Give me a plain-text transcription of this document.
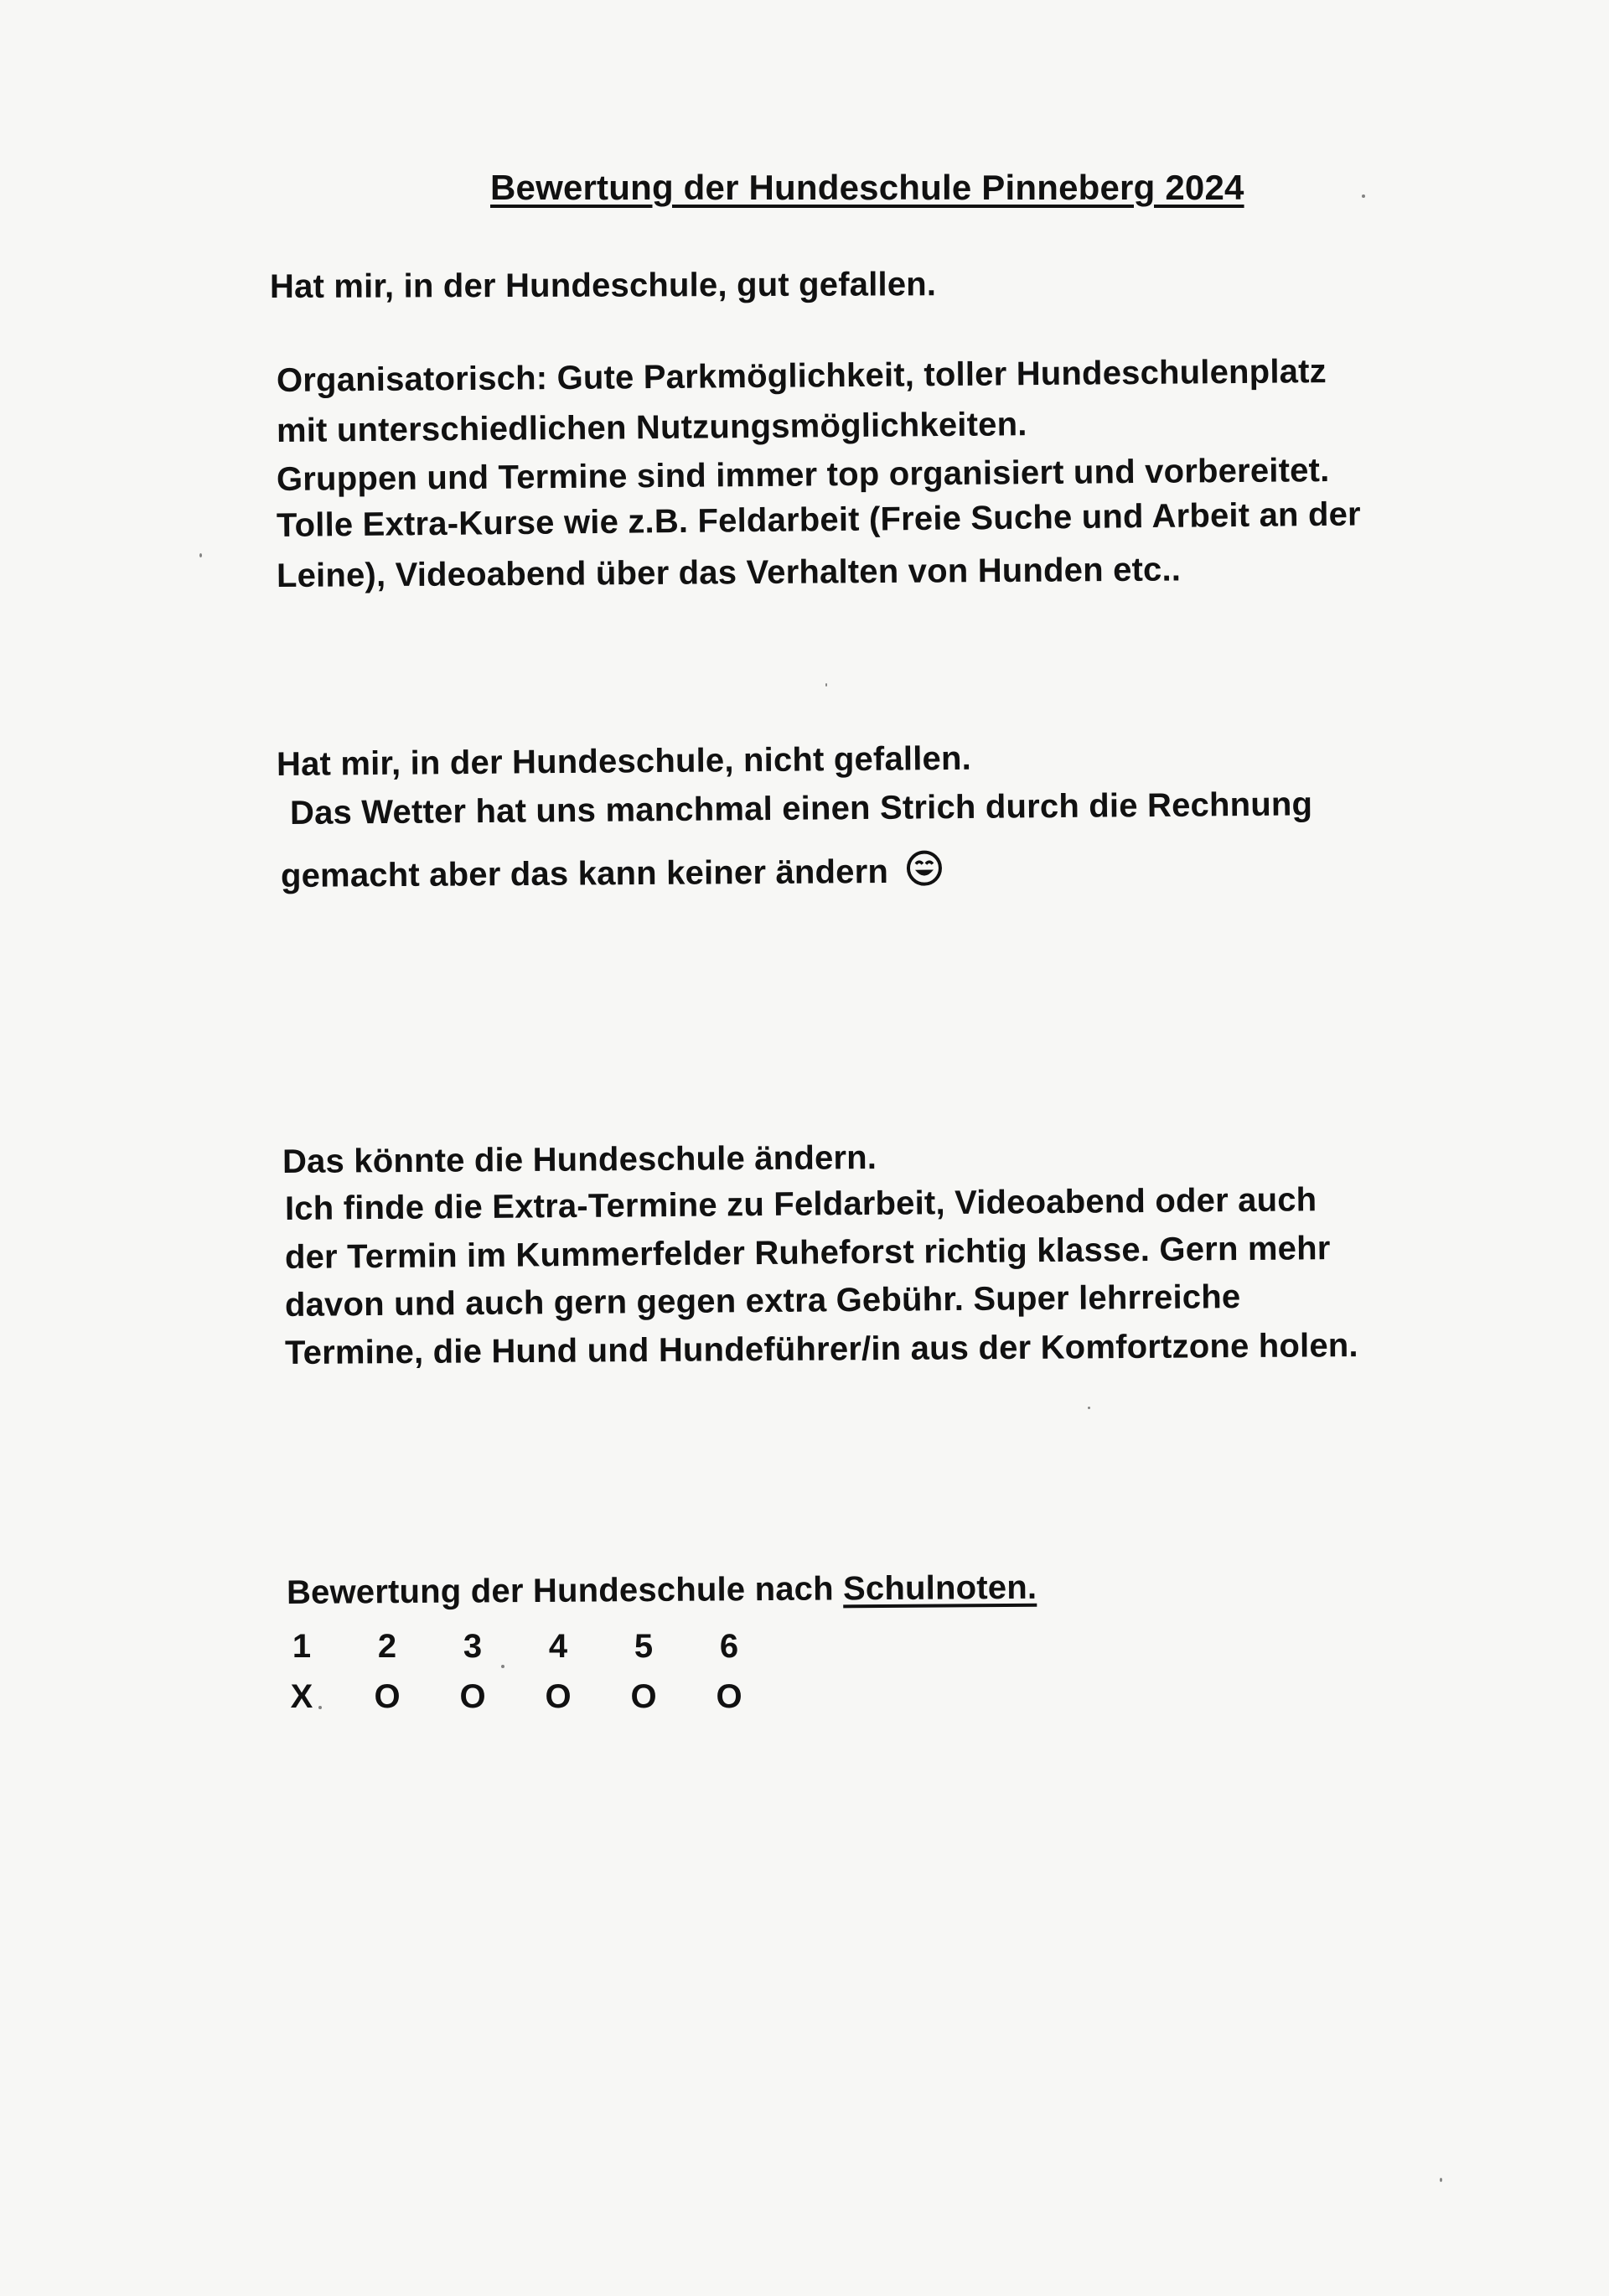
Bewertung der Hundeschule Pinneberg 2024
Hat mir, in der Hundeschule, gut gefallen.
Organisatorisch: Gute Parkmöglichkeit, toller Hundeschulenplatz
mit unterschiedlichen Nutzungsmöglichkeiten.
Gruppen und Termine sind immer top organisiert und vorbereitet.
Tolle Extra-Kurse wie z.B. Feldarbeit (Freie Suche und Arbeit an der
Leine), Videoabend über das Verhalten von Hunden etc..
Hat mir, in der Hundeschule, nicht gefallen.
Das Wetter hat uns manchmal einen Strich durch die Rechnung
gemacht aber das kann keiner ändern
Das könnte die Hundeschule ändern.
Ich finde die Extra-Termine zu Feldarbeit, Videoabend oder auch
der Termin im Kummerfelder Ruheforst richtig klasse. Gern mehr
davon und auch gern gegen extra Gebühr. Super lehrreiche
Termine, die Hund und Hundeführer/in aus der Komfortzone holen.
Bewertung der Hundeschule nach Schulnoten.
1 2 3 4 5 6
X O O O O O
